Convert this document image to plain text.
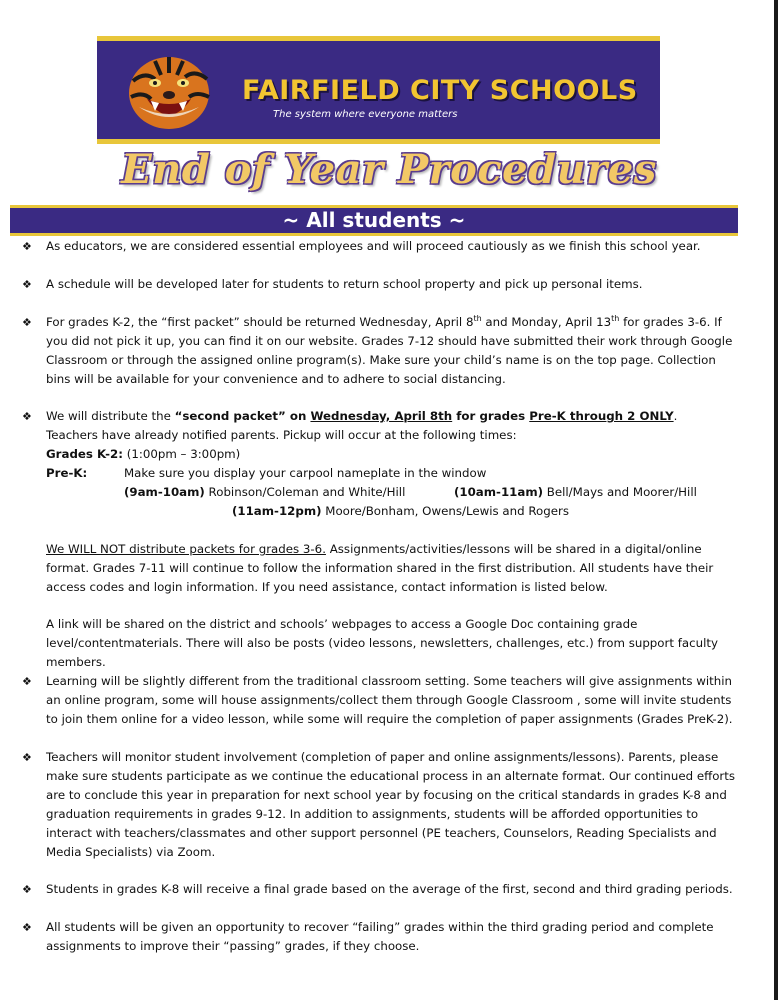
FAIRFIELD CITY SCHOOLS
The system where everyone matters
End of Year Procedures
~ All students ~
❖	As educators, we are considered essential employees and will proceed cautiously as we finish this school year.
❖	A schedule will be developed later for students to return school property and pick up personal items.
❖	For grades K-2, the “first packet” should be returned Wednesday, April 8th and Monday, April 13th for grades 3-6. If you did not pick it up, you can find it on our website. Grades 7-12 should have submitted their work through Google Classroom or through the assigned online program(s). Make sure your child’s name is on the top page. Collection bins will be available for your convenience and to adhere to social distancing.
❖	We will distribute the “second packet” on Wednesday, April 8th for grades Pre-K through 2 ONLY.
Teachers have already notified parents. Pickup will occur at the following times:
Grades K-2: (1:00pm – 3:00pm)
Pre-K:	Make sure you display your carpool nameplate in the window
(9am-10am) Robinson/Coleman and White/Hill	(10am-11am) Bell/Mays and Moorer/Hill
(11am-12pm) Moore/Bonham, Owens/Lewis and Rogers
We WILL NOT distribute packets for grades 3-6. Assignments/activities/lessons will be shared in a digital/online format. Grades 7-11 will continue to follow the information shared in the first distribution. All students have their access codes and login information. If you need assistance, contact information is listed below.
A link will be shared on the district and schools’ webpages to access a Google Doc containing grade level/contentmaterials. There will also be posts (video lessons, newsletters, challenges, etc.) from support faculty members.
❖	Learning will be slightly different from the traditional classroom setting. Some teachers will give assignments within an online program, some will house assignments/collect them through Google Classroom , some will invite students to join them online for a video lesson, while some will require the completion of paper assignments (Grades PreK-2).
❖	Teachers will monitor student involvement (completion of paper and online assignments/lessons). Parents, please make sure students participate as we continue the educational process in an alternate format. Our continued efforts are to conclude this year in preparation for next school year by focusing on the critical standards in grades K-8 and graduation requirements in grades 9-12. In addition to assignments, students will be afforded opportunities to interact with teachers/classmates and other support personnel (PE teachers, Counselors, Reading Specialists and Media Specialists) via Zoom.
❖	Students in grades K-8 will receive a final grade based on the average of the first, second and third grading periods.
❖	All students will be given an opportunity to recover “failing” grades within the third grading period and complete assignments to improve their “passing” grades, if they choose.
